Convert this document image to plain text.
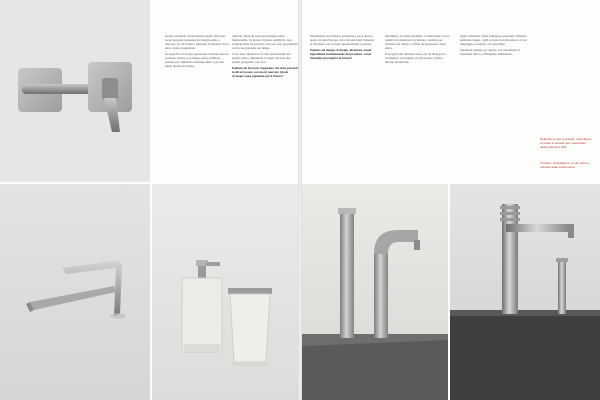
Grazie al mondo di ispirazione legato all'acqua, Gessi propone soluzioni dal design pulito e rigoroso, in cui forma e funzione si fondono in un unico gesto progettuale.

Le superfici in acciaio spazzolato restituiscono un carattere tecnico e al tempo stesso raffinato, pensato per ambienti contemporanei e per una lunga durata nel tempo.

rumoria. Ideologi non può prendere nella funzionalità. Se manca il giusto equilibrio, non svilupperemo un prodotto, ma solo uno proprietario con la sua garanzia nel tempo.

Con i suoi rubinetti in acciaio inossidabile dal profilo netto e minimale, il bagno diventa uno spazio progettato con cura.

Padiata sui lavorati. Sappiamo che siete presenti in diversi paesi, con nuovi mercati. Quale strategia state seguendo per il futuro?

Intellettuale su territorio nazionale e poi è ancora aperto in tutta Europa, dove da tanti anni l'azienda si relaziona con i propri rappresentanti e partner.

Puntate sul design. Il design, diventato ormai ingrediente fondamentale del prodotto: come intendete proseguire in futuro?

intermini e la realtà aziendale. Continuiamo con la qualità dei materiali e le finiture, studiate per resistere nel tempo e offrire un'esperienza d'uso unica.

Il progetto del rubinetto nasce da un dialogo tra l'architetto, il designer e il laboratorio tecnico interno all'azienda.

Ogni collezione viene sviluppata pensando all'intero ambiente bagno, dagli accessori ai miscelatori, in un linguaggio coerente e riconoscibile.

Soluzioni pensate per durare, con attenzione al risparmio idrico e all'impatto ambientale.

Nella foto in alto a sinistra, miscelatore a parete in acciaio inox spazzolato della collezione 316.
In basso: portasapone, porta rotolo e rubinetti della stessa serie.
